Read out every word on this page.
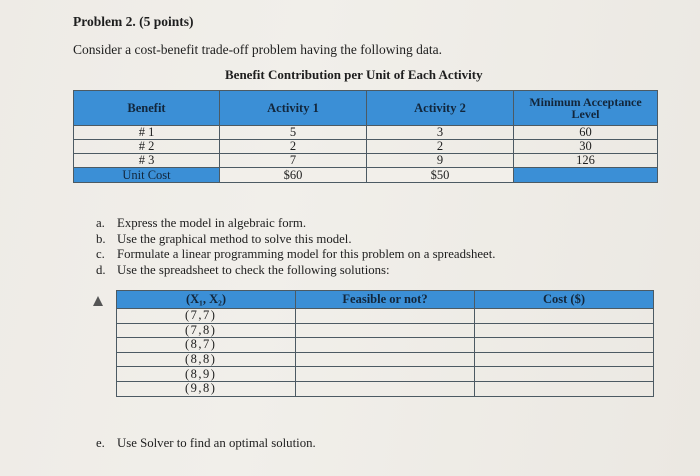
Problem 2. (5 points)
Consider a cost-benefit trade-off problem having the following data.
Benefit Contribution per Unit of Each Activity
Benefit	Activity 1	Activity 2	Minimum Acceptance
Level
# 1	5	3	60
# 2	2	2	30
# 3	7	9	126
Unit Cost	$60	$50	
a. Express the model in algebraic form.
b. Use the graphical method to solve this model.
c. Formulate a linear programming model for this problem on a spreadsheet.
d. Use the spreadsheet to check the following solutions:
(X₁, X₂)	Feasible or not?	Cost ($)
(7,7)		
(7,8)		
(8,7)		
(8,8)		
(8,9)		
(9,8)		
e. Use Solver to find an optimal solution.
